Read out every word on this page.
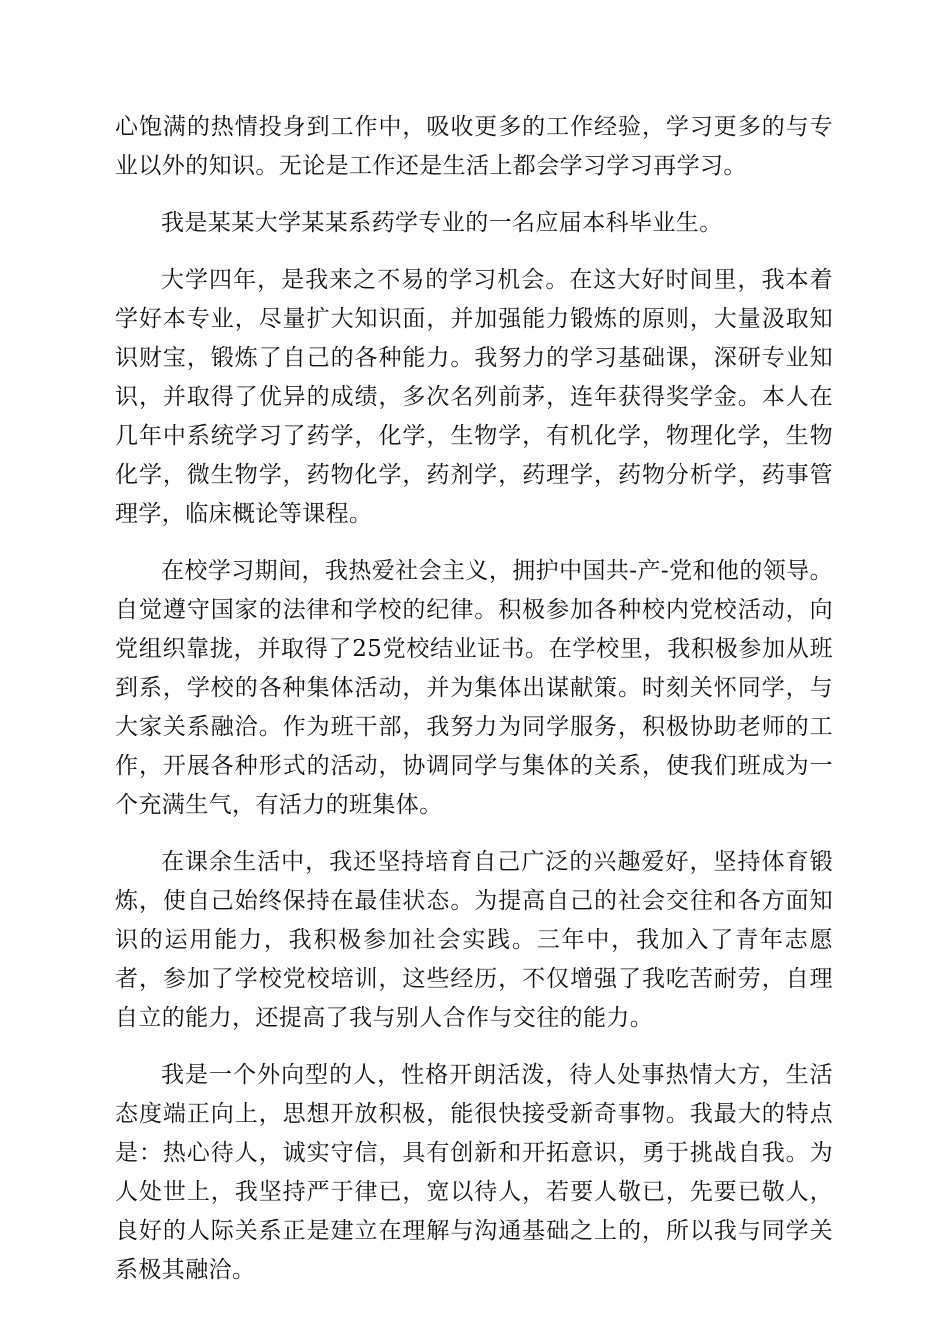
心饱满的热情投身到工作中，吸收更多的工作经验，学习更多的与专业以外的知识。无论是工作还是生活上都会学习学习再学习。

我是某某大学某某系药学专业的一名应届本科毕业生。

大学四年，是我来之不易的学习机会。在这大好时间里，我本着学好本专业，尽量扩大知识面，并加强能力锻炼的原则，大量汲取知识财宝，锻炼了自己的各种能力。我努力的学习基础课，深研专业知识，并取得了优异的成绩，多次名列前茅，连年获得奖学金。本人在几年中系统学习了药学，化学，生物学，有机化学，物理化学，生物化学，微生物学，药物化学，药剂学，药理学，药物分析学，药事管理学，临床概论等课程。

在校学习期间，我热爱社会主义，拥护中国共-产-党和他的领导。自觉遵守国家的法律和学校的纪律。积极参加各种校内党校活动，向党组织靠拢，并取得了25党校结业证书。在学校里，我积极参加从班到系，学校的各种集体活动，并为集体出谋献策。时刻关怀同学，与大家关系融洽。作为班干部，我努力为同学服务，积极协助老师的工作，开展各种形式的活动，协调同学与集体的关系，使我们班成为一个充满生气，有活力的班集体。

在课余生活中，我还坚持培育自己广泛的兴趣爱好，坚持体育锻炼，使自己始终保持在最佳状态。为提高自己的社会交往和各方面知识的运用能力，我积极参加社会实践。三年中，我加入了青年志愿者，参加了学校党校培训，这些经历，不仅增强了我吃苦耐劳，自理自立的能力，还提高了我与别人合作与交往的能力。

我是一个外向型的人，性格开朗活泼，待人处事热情大方，生活态度端正向上，思想开放积极，能很快接受新奇事物。我最大的特点是：热心待人，诚实守信，具有创新和开拓意识，勇于挑战自我。为人处世上，我坚持严于律已，宽以待人，若要人敬已，先要已敬人，良好的人际关系正是建立在理解与沟通基础之上的，所以我与同学关系极其融洽。
